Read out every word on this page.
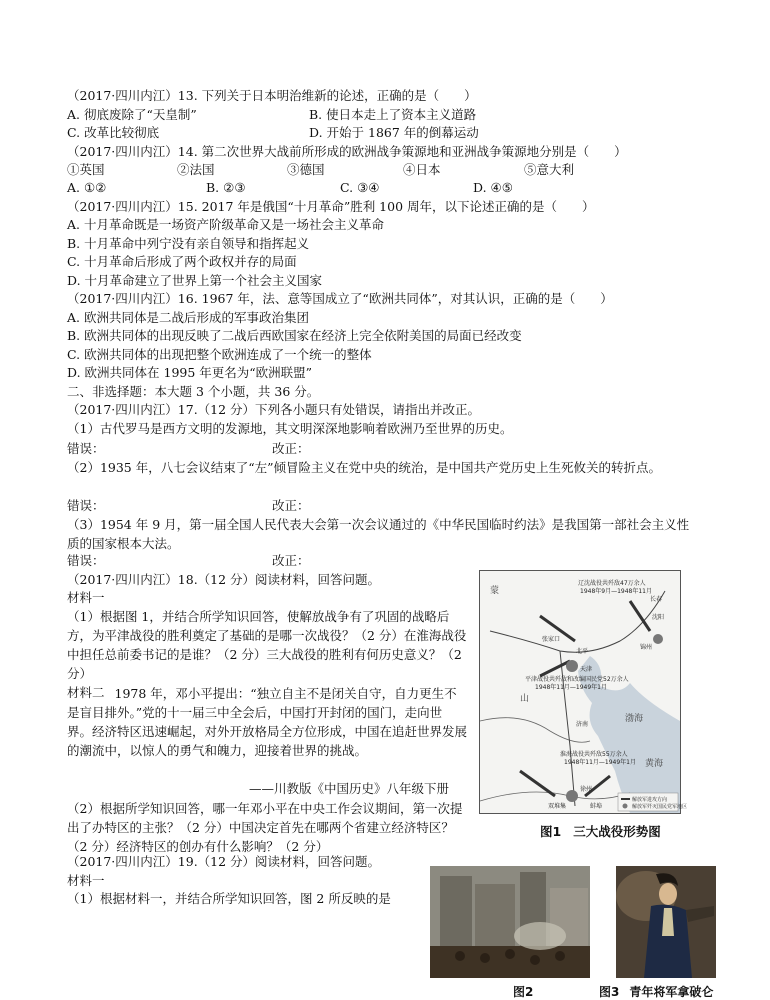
（2017·四川内江）13. 下列关于日本明治维新的论述，正确的是（　　）
A. 彻底废除了“天皇制”	B. 使日本走上了资本主义道路
C. 改革比较彻底	D. 开始于 1867 年的倒幕运动
（2017·四川内江）14. 第二次世界大战前所形成的欧洲战争策源地和亚洲战争策源地分别是（　　）
①英国	②法国	③德国	④日本	⑤意大利
A. ①②	B. ②③	C. ③④	D. ④⑤
（2017·四川内江）15. 2017 年是俄国“十月革命”胜利 100 周年，以下论述正确的是（　　）
A. 十月革命既是一场资产阶级革命又是一场社会主义革命
B. 十月革命中列宁没有亲自领导和指挥起义
C. 十月革命后形成了两个政权并存的局面
D. 十月革命建立了世界上第一个社会主义国家
（2017·四川内江）16. 1967 年，法、意等国成立了“欧洲共同体”，对其认识，正确的是（　　）
A. 欧洲共同体是二战后形成的军事政治集团
B. 欧洲共同体的出现反映了二战后西欧国家在经济上完全依附美国的局面已经改变
C. 欧洲共同体的出现把整个欧洲连成了一个统一的整体
D. 欧洲共同体在 1995 年更名为“欧洲联盟”
二、非选择题：本大题 3 个小题，共 36 分。
（2017·四川内江）17.（12 分）下列各小题只有处错误，请指出并改正。
（1）古代罗马是西方文明的发源地，其文明深深地影响着欧洲乃至世界的历史。
错误：	改正：
（2）1935 年，八七会议结束了“左”倾冒险主义在党中央的统治，是中国共产党历史上生死攸关的转折点。
错误：	改正：
（3）1954 年 9 月，第一届全国人民代表大会第一次会议通过的《中华民国临时约法》是我国第一部社会主义性质的国家根本大法。
错误：	改正：
（2017·四川内江）18.（12 分）阅读材料，回答问题。
材料一
（1）根据图 1，并结合所学知识回答，使解放战争有了巩固的战略后方，为平津战役的胜利奠定了基础的是哪一次战役？（2 分）在淮海战役中担任总前委书记的是谁？（2 分）三大战役的胜利有何历史意义？（2 分）
材料二 1978 年，邓小平提出：“独立自主不是闭关自守，自力更生不是盲目排外。”党的十一届三中全会后，中国打开封闭的国门，走向世界。经济特区迅速崛起，对外开放格局全方位形成，中国在追赶世界发展的潮流中，以惊人的勇气和魄力，迎接着世界的挑战。
——川教版《中国历史》八年级下册
（2）根据所学知识回答，哪一年邓小平在中央工作会议期间，第一次提出了办特区的主张？（2 分）中国决定首先在哪两个省建立经济特区？（2 分）经济特区的创办有什么影响？（2 分）
（2017·四川内江）19.（12 分）阅读材料，回答问题。
材料一
（1）根据材料一，并结合所学知识回答，图 2 所反映的是
蒙
山
渤海
黄海
辽沈战役共歼敌47万余人
1948年9月—1948年11月
平津战役共歼敌和改编国民党52万余人
1948年11月—1949年1月
淮海战役共歼敌55万余人
1948年11月—1949年1月
张家口
北平
天津
锦州
沈阳
长春
济南
徐州
双堆集	蚌埠
解放军进攻方向
解放军歼灭国民党军地区
图1 三大战役形势图
图2	图3 青年将军拿破仑
